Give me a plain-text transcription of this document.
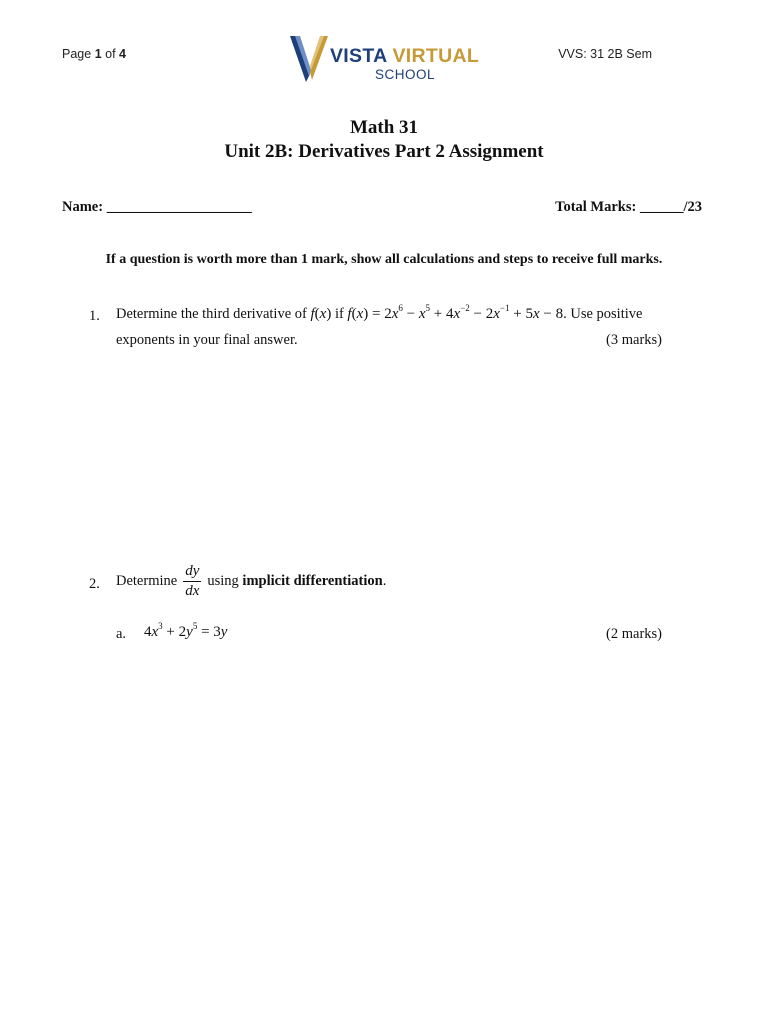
Page 1 of 4	VISTA VIRTUAL
SCHOOL
VVS: 31 2B Sem
Math 31
Unit 2B: Derivatives Part 2 Assignment
Name: ____________________	Total Marks: ______/23
If a question is worth more than 1 mark, show all calculations and steps to receive full marks.
1. Determine the third derivative of f(x) if $f(x) = 2x^6 - x^5 + 4x^{-2} - 2x^{-1} + 5x - 8$. Use positive
exponents in your final answer.	(3 marks)
2. Determine $\frac{dy}{dx}$ using
implicit differentiation .
a. $4x^3 + 2y^5 = 3y$	(2 marks)
